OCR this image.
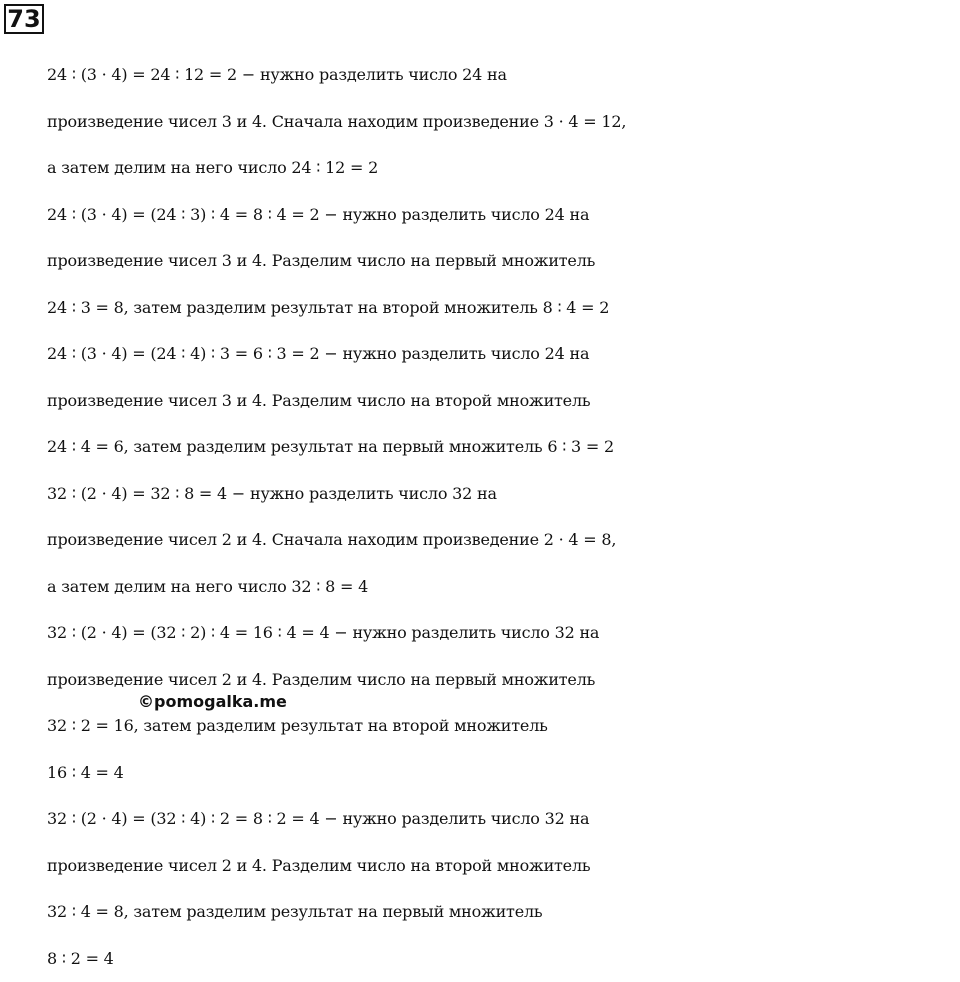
73
24 ∶ (3 · 4) = 24 ∶ 12 = 2 − нужно разделить число 24 на
произведение чисел 3 и 4. Сначала находим произведение 3 · 4 = 12,
а затем делим на него число 24 ∶ 12 = 2
24 ∶ (3 · 4) = (24 ∶ 3) ∶ 4 = 8 ∶ 4 = 2 − нужно разделить число 24 на
произведение чисел 3 и 4. Разделим число на первый множитель
24 ∶ 3 = 8, затем разделим результат на второй множитель 8 ∶ 4 = 2
24 ∶ (3 · 4) = (24 ∶ 4) ∶ 3 = 6 ∶ 3 = 2 − нужно разделить число 24 на
произведение чисел 3 и 4. Разделим число на второй множитель
24 ∶ 4 = 6, затем разделим результат на первый множитель 6 ∶ 3 = 2
32 ∶ (2 · 4) = 32 ∶ 8 = 4 − нужно разделить число 32 на
произведение чисел 2 и 4. Сначала находим произведение 2 · 4 = 8,
а затем делим на него число 32 ∶ 8 = 4
32 ∶ (2 · 4) = (32 ∶ 2) ∶ 4 = 16 ∶ 4 = 4 − нужно разделить число 32 на
произведение чисел 2 и 4. Разделим число на первый множитель
32 ∶ 2 = 16, затем разделим результат на второй множитель
16 ∶ 4 = 4
32 ∶ (2 · 4) = (32 ∶ 4) ∶ 2 = 8 ∶ 2 = 4 − нужно разделить число 32 на
произведение чисел 2 и 4. Разделим число на второй множитель
32 ∶ 4 = 8, затем разделим результат на первый множитель
8 ∶ 2 = 4
©pomogalka.me
